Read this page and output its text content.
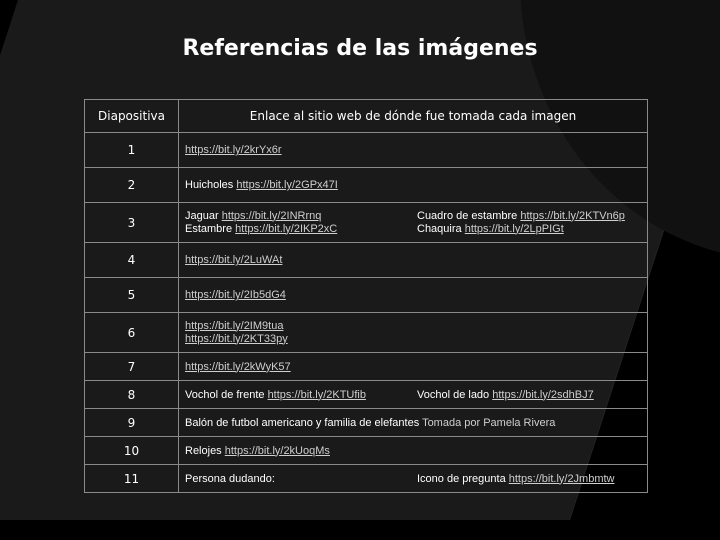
Referencias de las imágenes
Diapositiva	Enlace al sitio web de dónde fue tomada cada imagen
1	https://bit.ly/2krYx6r
2	Huicholes https://bit.ly/2GPx47I
3	Jaguar https://bit.ly/2INRrnq
Estambre https://bit.ly/2IKP2xC
Cuadro de estambre https://bit.ly/2KTVn6p
Chaquira https://bit.ly/2LpPIGt

4	https://bit.ly/2LuWAt
5	https://bit.ly/2Ib5dG4
6	https://bit.ly/2IM9tua
https://bit.ly/2KT33py

7	https://bit.ly/2kWyK57
8	Vochol de frente https://bit.ly/2KTUfib Vochol de lado https://bit.ly/2sdhBJ7

9	Balón de futbol americano y familia de elefantes Tomada por Pamela Rivera
10	Relojes https://bit.ly/2kUoqMs
11	Persona dudando: Icono de pregunta https://bit.ly/2Jmbmtw
